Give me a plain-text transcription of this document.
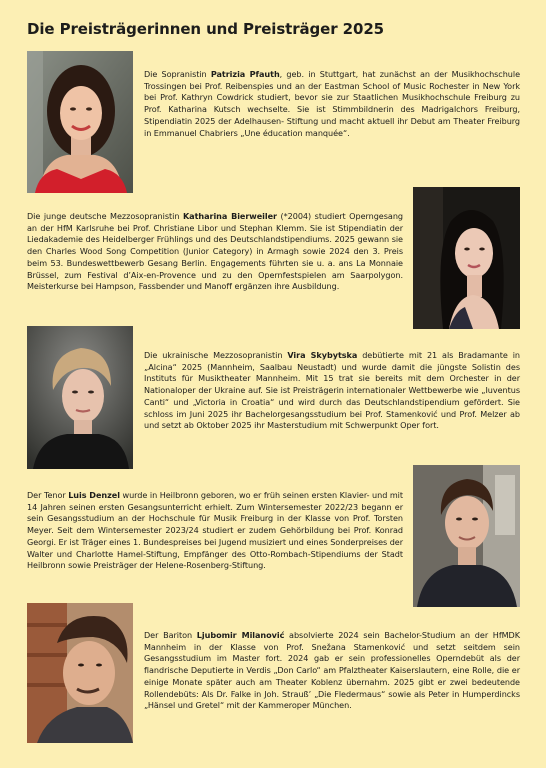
Die Preisträgerinnen und Preisträger 2025

Die Sopranistin Patrizia Pfauth, geb. in Stuttgart, hat zunächst an der Musikhochschule Trossingen bei Prof. Reibenspies und an der Eastman School of Music Rochester in New York bei Prof. Kathryn Cowdrick studiert, bevor sie zur Staatlichen Musikhochschule Freiburg zu Prof. Katharina Kutsch wechselte. Sie ist Stimmbildnerin des Madrigalchors Freiburg, Stipendiatin 2025 der Adelhausen- Stiftung und macht aktuell ihr Debut am Theater Freiburg in Emmanuel Chabriers „Une éducation manquée“.

Die junge deutsche Mezzosopranistin Katharina Bierweiler (*2004) studiert Operngesang an der HfM Karlsruhe bei Prof. Christiane Libor und Stephan Klemm. Sie ist Stipendiatin der Liedakademie des Heidelberger Frühlings und des Deutschlandstipendiums. 2025 gewann sie den Charles Wood Song Competition (Junior Category) in Armagh sowie 2024 den 3. Preis beim 53. Bundeswettbewerb Gesang Berlin. Engagements führten sie u. a. ans La Monnaie Brüssel, zum Festival d’Aix-en-Provence und zu den Opernfestspielen am Saarpolygon. Meisterkurse bei Hampson, Fassbender und Manoff ergänzen ihre Ausbildung.

Die ukrainische Mezzosopranistin Vira Skybytska debütierte mit 21 als Bradamante in „Alcina“ 2025 (Mannheim, Saalbau Neustadt) und wurde damit die jüngste Solistin des Instituts für Musiktheater Mannheim. Mit 15 trat sie bereits mit dem Orchester in der Nationaloper der Ukraine auf. Sie ist Preisträgerin internationaler Wettbewerbe wie „Iuventus Canti“ und „Victoria in Croatia“ und wird durch das Deutschlandstipendium gefördert. Sie schloss im Juni 2025 ihr Bachelorgesangsstudium bei Prof. Stamenković und Prof. Melzer ab und setzt ab Oktober 2025 ihr Masterstudium mit Schwerpunkt Oper fort.

Der Tenor Luis Denzel wurde in Heilbronn geboren, wo er früh seinen ersten Klavier- und mit 14 Jahren seinen ersten Gesangsunterricht erhielt. Zum Wintersemester 2022/23 begann er sein Gesangsstudium an der Hochschule für Musik Freiburg in der Klasse von Prof. Torsten Meyer. Seit dem Wintersemester 2023/24 studiert er zudem Gehörbildung bei Prof. Konrad Georgi. Er ist Träger eines 1. Bundespreises bei Jugend musiziert und eines Sonderpreises der Walter und Charlotte Hamel-Stiftung, Empfänger des Otto-Rombach-Stipendiums der Stadt Heilbronn sowie Preisträger der Helene-Rosenberg-Stiftung.

Der Bariton Ljubomir Milanović absolvierte 2024 sein Bachelor-Studium an der HfMDK Mannheim in der Klasse von Prof. Snežana Stamenković und setzt seitdem sein Gesangsstudium im Master fort. 2024 gab er sein professionelles Operndebüt als der flandrische Deputierte in Verdis „Don Carlo“ am Pfalztheater Kaiserslautern, eine Rolle, die er einige Monate später auch am Theater Koblenz übernahm. 2025 gibt er zwei bedeutende Rollendebüts: Als Dr. Falke in Joh. Strauß’ „Die Fledermaus“ sowie als Peter in Humperdincks „Hänsel und Gretel“ mit der Kammeroper München.
